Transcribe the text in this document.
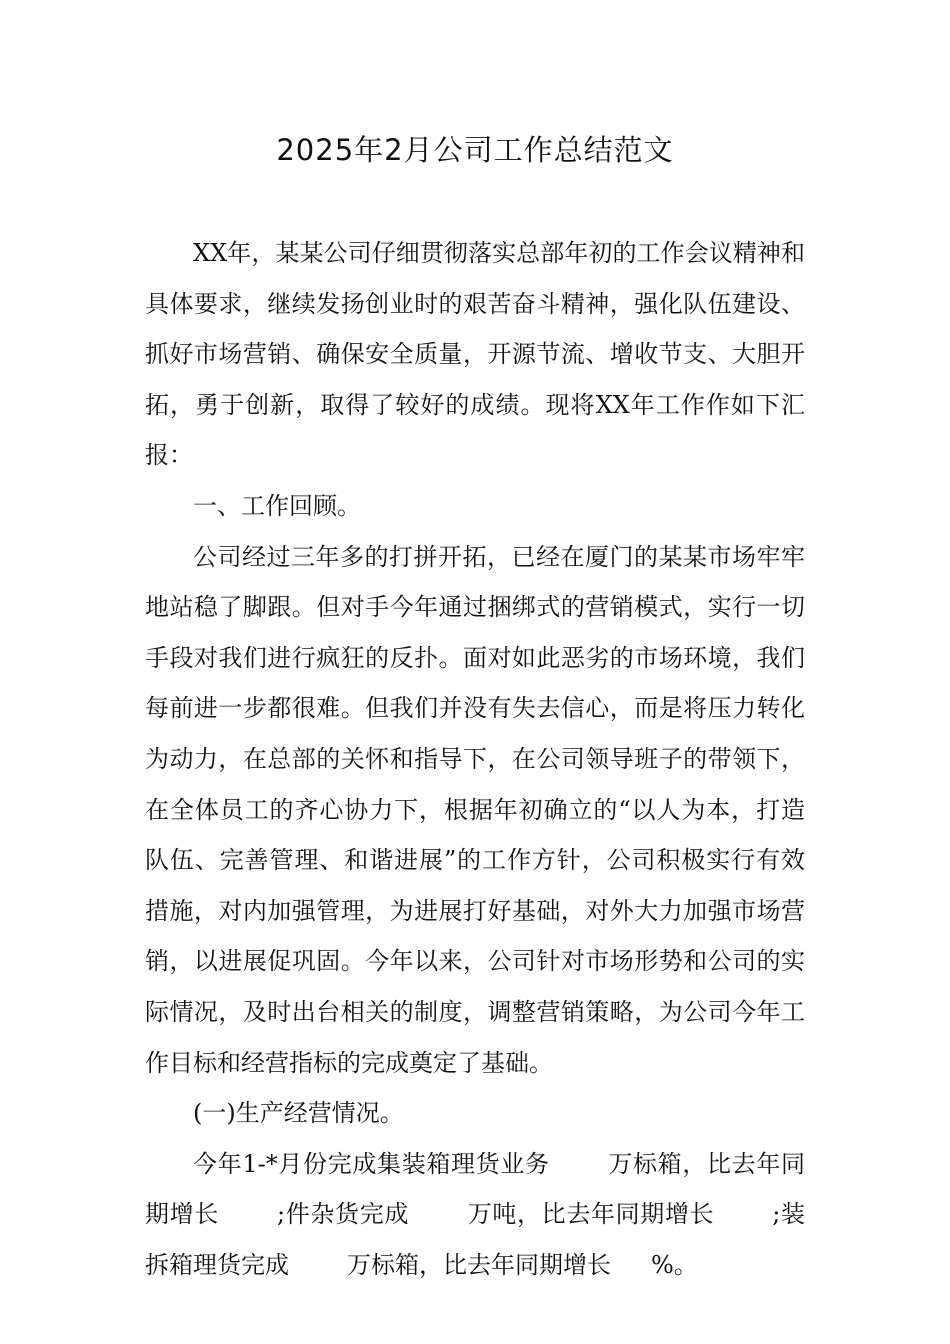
2025年2月公司工作总结范文

XX年，某某公司仔细贯彻落实总部年初的工作会议精神和具体要求，继续发扬创业时的艰苦奋斗精神，强化队伍建设、抓好市场营销、确保安全质量，开源节流、增收节支、大胆开拓，勇于创新，取得了较好的成绩。现将XX年工作作如下汇报：

一、工作回顾。

公司经过三年多的打拼开拓，已经在厦门的某某市场牢牢地站稳了脚跟。但对手今年通过捆绑式的营销模式，实行一切手段对我们进行疯狂的反扑。面对如此恶劣的市场环境，我们每前进一步都很难。但我们并没有失去信心，而是将压力转化为动力，在总部的关怀和指导下，在公司领导班子的带领下，在全体员工的齐心协力下，根据年初确立的“以人为本，打造队伍、完善管理、和谐进展”的工作方针，公司积极实行有效措施，对内加强管理，为进展打好基础，对外大力加强市场营销，以进展促巩固。今年以来，公司针对市场形势和公司的实际情况，及时出台相关的制度，调整营销策略，为公司今年工作目标和经营指标的完成奠定了基础。

(一)生产经营情况。

今年1-*月份完成集装箱理货业务 万标箱，比去年同期增长 ;件杂货完成 万吨，比去年同期增长 ;装拆箱理货完成 万标箱，比去年同期增长 %。
